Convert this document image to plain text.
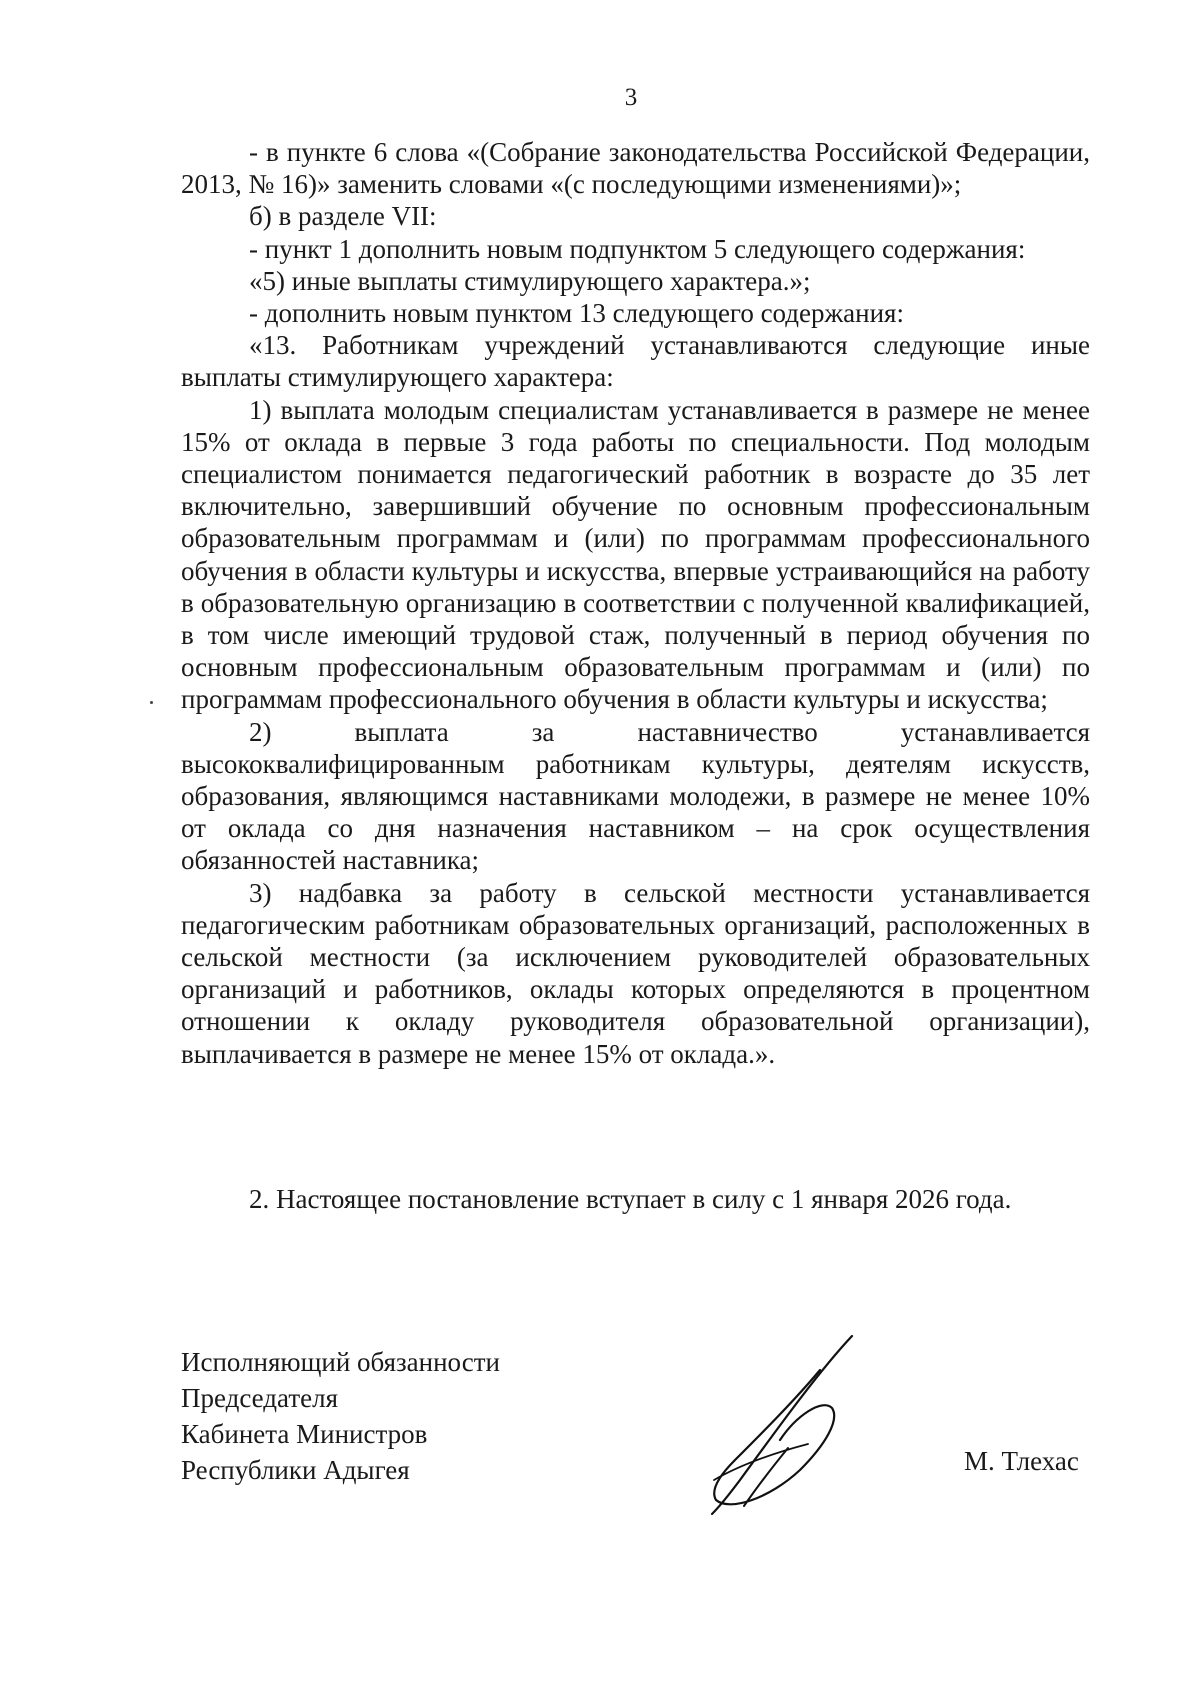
3

- в пункте 6 слова «(Собрание законодательства Российской Федерации, 2013, № 16)» заменить словами «(с последующими изменениями)»;

б) в разделе VII:

- пункт 1 дополнить новым подпунктом 5 следующего содержания:

«5) иные выплаты стимулирующего характера.»;

- дополнить новым пунктом 13 следующего содержания:

«13. Работникам учреждений устанавливаются следующие иные выплаты стимулирующего характера:

1) выплата молодым специалистам устанавливается в размере не менее 15% от оклада в первые 3 года работы по специальности. Под молодым специалистом понимается педагогический работник в возрасте до 35 лет включительно, завершивший обучение по основным профессиональным образовательным программам и (или) по программам профессионального обучения в области культуры и искусства, впервые устраивающийся на работу в образовательную организацию в соответствии с полученной квалификацией, в том числе имеющий трудовой стаж, полученный в период обучения по основным профессиональным образовательным программам и (или) по программам профессионального обучения в области культуры и искусства;

2) выплата за наставничество устанавливается высококвалифицированным работникам культуры, деятелям искусств, образования, являющимся наставниками молодежи, в размере не менее 10% от оклада со дня назначения наставником – на срок осуществления обязанностей наставника;

3) надбавка за работу в сельской местности устанавливается педагогическим работникам образовательных организаций, расположенных в сельской местности (за исключением руководителей образовательных организаций и работников, оклады которых определяются в процентном отношении к окладу руководителя образовательной организации), выплачивается в размере не менее 15% от оклада.».

2. Настоящее постановление вступает в силу с 1 января 2026 года.
Исполняющий обязанности
Председателя
Кабинета Министров
Республики Адыгея	М. Тлехас
